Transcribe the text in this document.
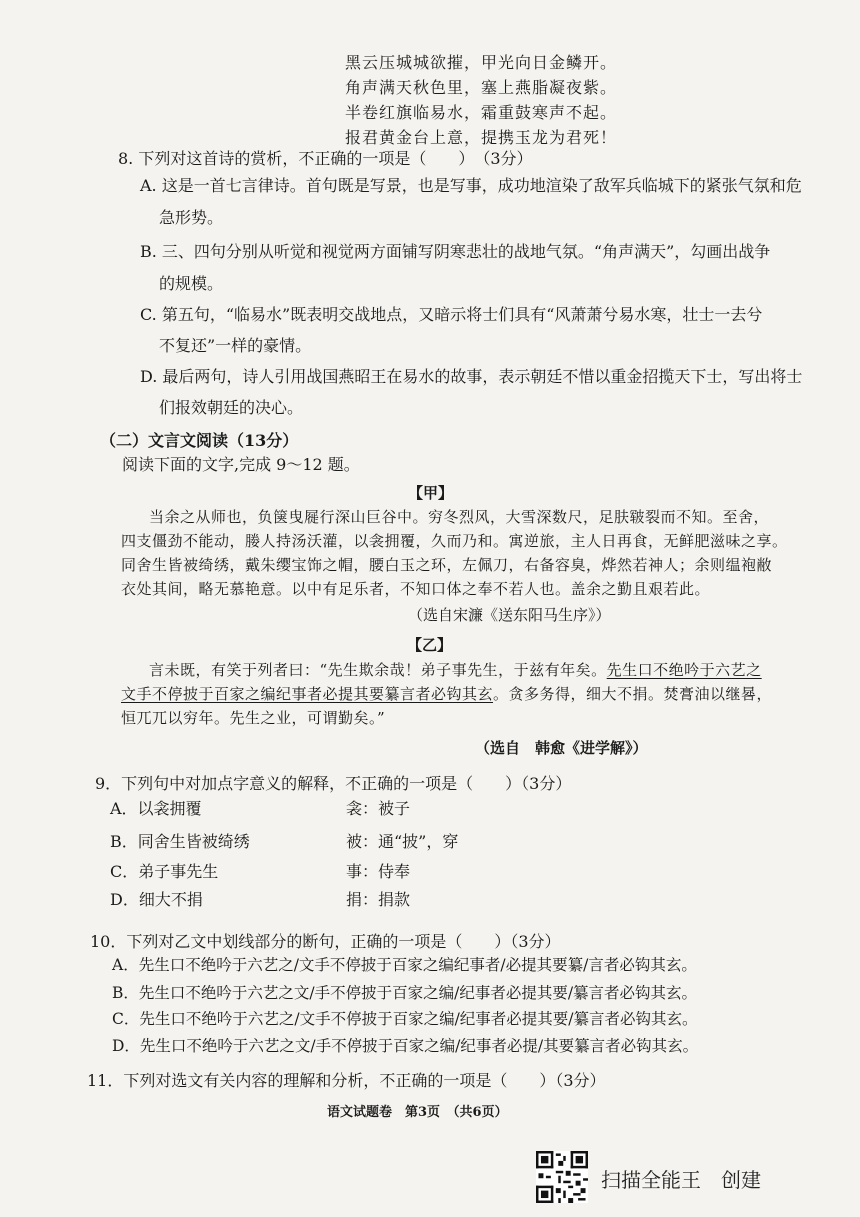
黑云压城城欲摧，甲光向日金鳞开。
角声满天秋色里，塞上燕脂凝夜紫。
半卷红旗临易水，霜重鼓寒声不起。
报君黄金台上意，提携玉龙为君死！
8. 下列对这首诗的赏析，不正确的一项是（　　）　（3分）
A. 这是一首七言律诗。首句既是写景，也是写事，成功地渲染了敌军兵临城下的紧张气氛和危
急形势。
B. 三、四句分别从听觉和视觉两方面铺写阴寒悲壮的战地气氛。“角声满天”，勾画出战争
的规模。
C. 第五句，“临易水”既表明交战地点，又暗示将士们具有“风萧萧兮易水寒，壮士一去兮
不复还”一样的豪情。
D. 最后两句，诗人引用战国燕昭王在易水的故事，表示朝廷不惜以重金招揽天下士，写出将士
们报效朝廷的决心。
（二）文言文阅读（13分）
阅读下面的文字,完成 9～12 题。
【甲】
当余之从师也，负箧曳屣行深山巨谷中。穷冬烈风，大雪深数尺，足肤皲裂而不知。至舍，
四支僵劲不能动，媵人持汤沃灌，以衾拥覆，久而乃和。寓逆旅，主人日再食，无鲜肥滋味之享。
同舍生皆被绮绣，戴朱缨宝饰之帽，腰白玉之环，左佩刀，右备容臭，烨然若神人；余则缊袍敝
衣处其间，略无慕艳意。以中有足乐者，不知口体之奉不若人也。盖余之勤且艰若此。
（选自宋濂《送东阳马生序》）
【乙】
言未既，有笑于列者曰：“先生欺余哉！弟子事先生，于兹有年矣。先生口不绝吟于六艺之
文手不停披于百家之编纪事者必提其要纂言者必钩其玄。贪多务得，细大不捐。焚膏油以继晷，
恒兀兀以穷年。先生之业，可谓勤矣。”
（选自　韩愈《进学解》）
9．下列句中对加点字意义的解释，不正确的一项是（　　）（3分）
A．以衾拥覆	衾：被子
B．同舍生皆被绮绣	被：通“披”，穿
C．弟子事先生	事：侍奉
D．细大不捐	捐：捐款
10．下列对乙文中划线部分的断句，正确的一项是（　　）（3分）
A．先生口不绝吟于六艺之/文手不停披于百家之编纪事者/必提其要纂/言者必钩其玄。
B．先生口不绝吟于六艺之文/手不停披于百家之编/纪事者必提其要/纂言者必钩其玄。
C．先生口不绝吟于六艺之/文手不停披于百家之编/纪事者必提其要/纂言者必钩其玄。
D．先生口不绝吟于六艺之文/手不停披于百家之编/纪事者必提/其要纂言者必钩其玄。
11．下列对选文有关内容的理解和分析，不正确的一项是（　　）（3分）
语文试题卷　第3页　（共6页）
扫描全能王　创建
